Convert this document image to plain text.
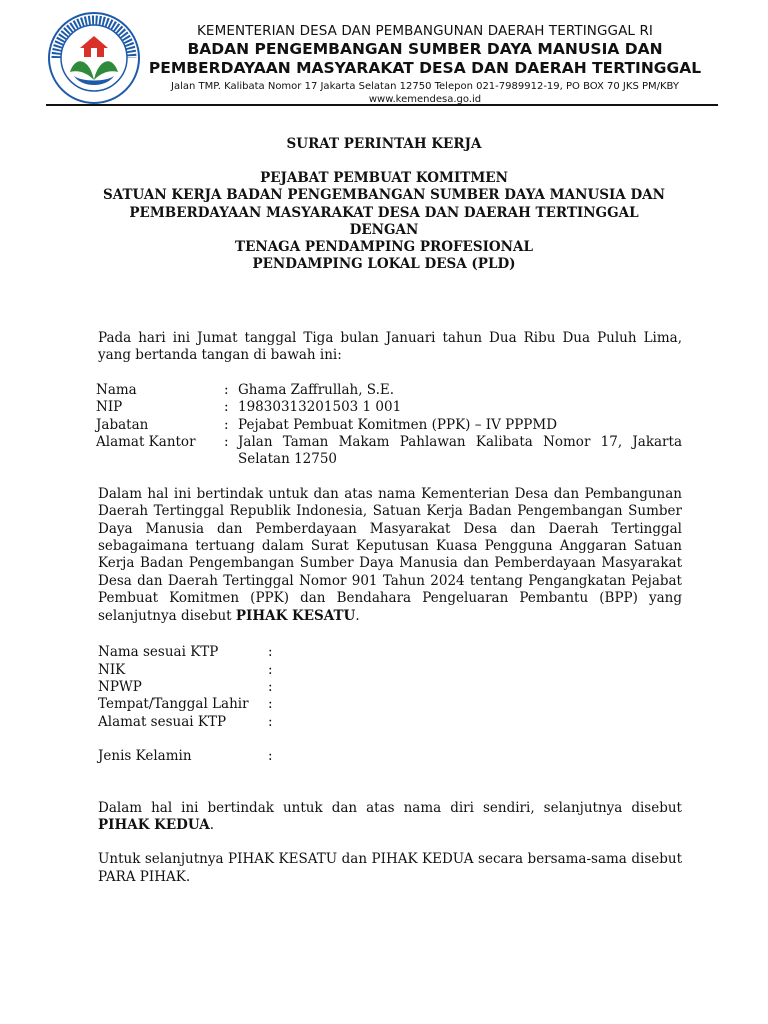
KEMENTERIAN DESA DAN PEMBANGUNAN DAERAH TERTINGGAL RI
BADAN PENGEMBANGAN SUMBER DAYA MANUSIA DAN
PEMBERDAYAAN MASYARAKAT DESA DAN DAERAH TERTINGGAL
Jalan TMP. Kalibata Nomor 17 Jakarta Selatan 12750 Telepon 021-7989912-19, PO BOX 70 JKS PM/KBY
www.kemendesa.go.id
SURAT PERINTAH KERJA
PEJABAT PEMBUAT KOMITMEN
SATUAN KERJA BADAN PENGEMBANGAN SUMBER DAYA MANUSIA DAN
PEMBERDAYAAN MASYARAKAT DESA DAN DAERAH TERTINGGAL
DENGAN
TENAGA PENDAMPING PROFESIONAL
PENDAMPING LOKAL DESA (PLD)
Pada hari ini Jumat tanggal Tiga bulan Januari tahun Dua Ribu Dua Puluh Lima,
yang bertanda tangan di bawah ini:
Nama	: Ghama Zaffrullah, S.E.
NIP	: 19830313201503 1 001
Jabatan	: Pejabat Pembuat Komitmen (PPK) – IV PPPMD
Alamat Kantor	: Jalan Taman Makam Pahlawan Kalibata Nomor 17, Jakarta
Selatan 12750
Dalam hal ini bertindak untuk dan atas nama Kementerian Desa dan Pembangunan
Daerah Tertinggal Republik Indonesia, Satuan Kerja Badan Pengembangan Sumber
Daya Manusia dan Pemberdayaan Masyarakat Desa dan Daerah Tertinggal
sebagaimana tertuang dalam Surat Keputusan Kuasa Pengguna Anggaran Satuan
Kerja Badan Pengembangan Sumber Daya Manusia dan Pemberdayaan Masyarakat
Desa dan Daerah Tertinggal Nomor 901 Tahun 2024 tentang Pengangkatan Pejabat
Pembuat Komitmen (PPK) dan Bendahara Pengeluaran Pembantu (BPP) yang
selanjutnya disebut PIHAK KESATU.
Nama sesuai KTP	:
NIK	:
NPWP	:
Tempat/Tanggal Lahir	:
Alamat sesuai KTP	:
Jenis Kelamin	:
Dalam hal ini bertindak untuk dan atas nama diri sendiri, selanjutnya disebut
PIHAK KEDUA.
Untuk selanjutnya PIHAK KESATU dan PIHAK KEDUA secara bersama-sama disebut
PARA PIHAK.
